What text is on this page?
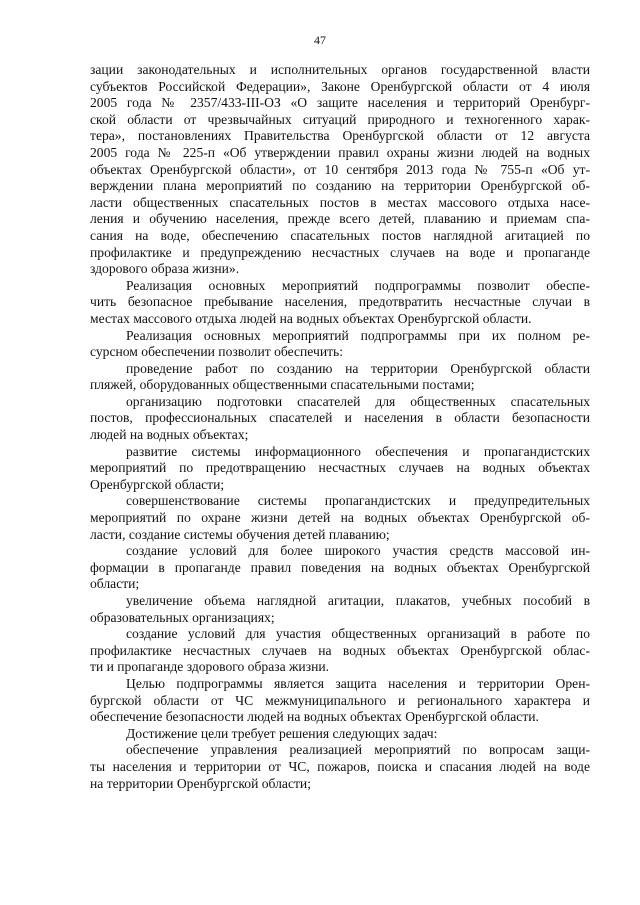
47
зации законодательных и исполнительных органов государственной власти
субъектов Российской Федерации», Законе Оренбургской области от 4 июля
2005 года № 2357/433-III-ОЗ «О защите населения и территорий Оренбург-
ской области от чрезвычайных ситуаций природного и техногенного харак-
тера», постановлениях Правительства Оренбургской области от 12 августа
2005 года № 225-п «Об утверждении правил охраны жизни людей на водных
объектах Оренбургской области», от 10 сентября 2013 года № 755-п «Об ут-
верждении плана мероприятий по созданию на территории Оренбургской об-
ласти общественных спасательных постов в местах массового отдыха насе-
ления и обучению населения, прежде всего детей, плаванию и приемам спа-
сания на воде, обеспечению спасательных постов наглядной агитацией по
профилактике и предупреждению несчастных случаев на воде и пропаганде
здорового образа жизни».
Реализация основных мероприятий подпрограммы позволит обеспе-
чить безопасное пребывание населения, предотвратить несчастные случаи в
местах массового отдыха людей на водных объектах Оренбургской области.
Реализация основных мероприятий подпрограммы при их полном ре-
сурсном обеспечении позволит обеспечить:
проведение работ по созданию на территории Оренбургской области
пляжей, оборудованных общественными спасательными постами;
организацию подготовки спасателей для общественных спасательных
постов, профессиональных спасателей и населения в области безопасности
людей на водных объектах;
развитие системы информационного обеспечения и пропагандистских
мероприятий по предотвращению несчастных случаев на водных объектах
Оренбургской области;
совершенствование системы пропагандистских и предупредительных
мероприятий по охране жизни детей на водных объектах Оренбургской об-
ласти, создание системы обучения детей плаванию;
создание условий для более широкого участия средств массовой ин-
формации в пропаганде правил поведения на водных объектах Оренбургской
области;
увеличение объема наглядной агитации, плакатов, учебных пособий в
образовательных организациях;
создание условий для участия общественных организаций в работе по
профилактике несчастных случаев на водных объектах Оренбургской облас-
ти и пропаганде здорового образа жизни.
Целью подпрограммы является защита населения и территории Орен-
бургской области от ЧС межмуниципального и регионального характера и
обеспечение безопасности людей на водных объектах Оренбургской области.
Достижение цели требует решения следующих задач:
обеспечение управления реализацией мероприятий по вопросам защи-
ты населения и территории от ЧС, пожаров, поиска и спасания людей на воде
на территории Оренбургской области;
